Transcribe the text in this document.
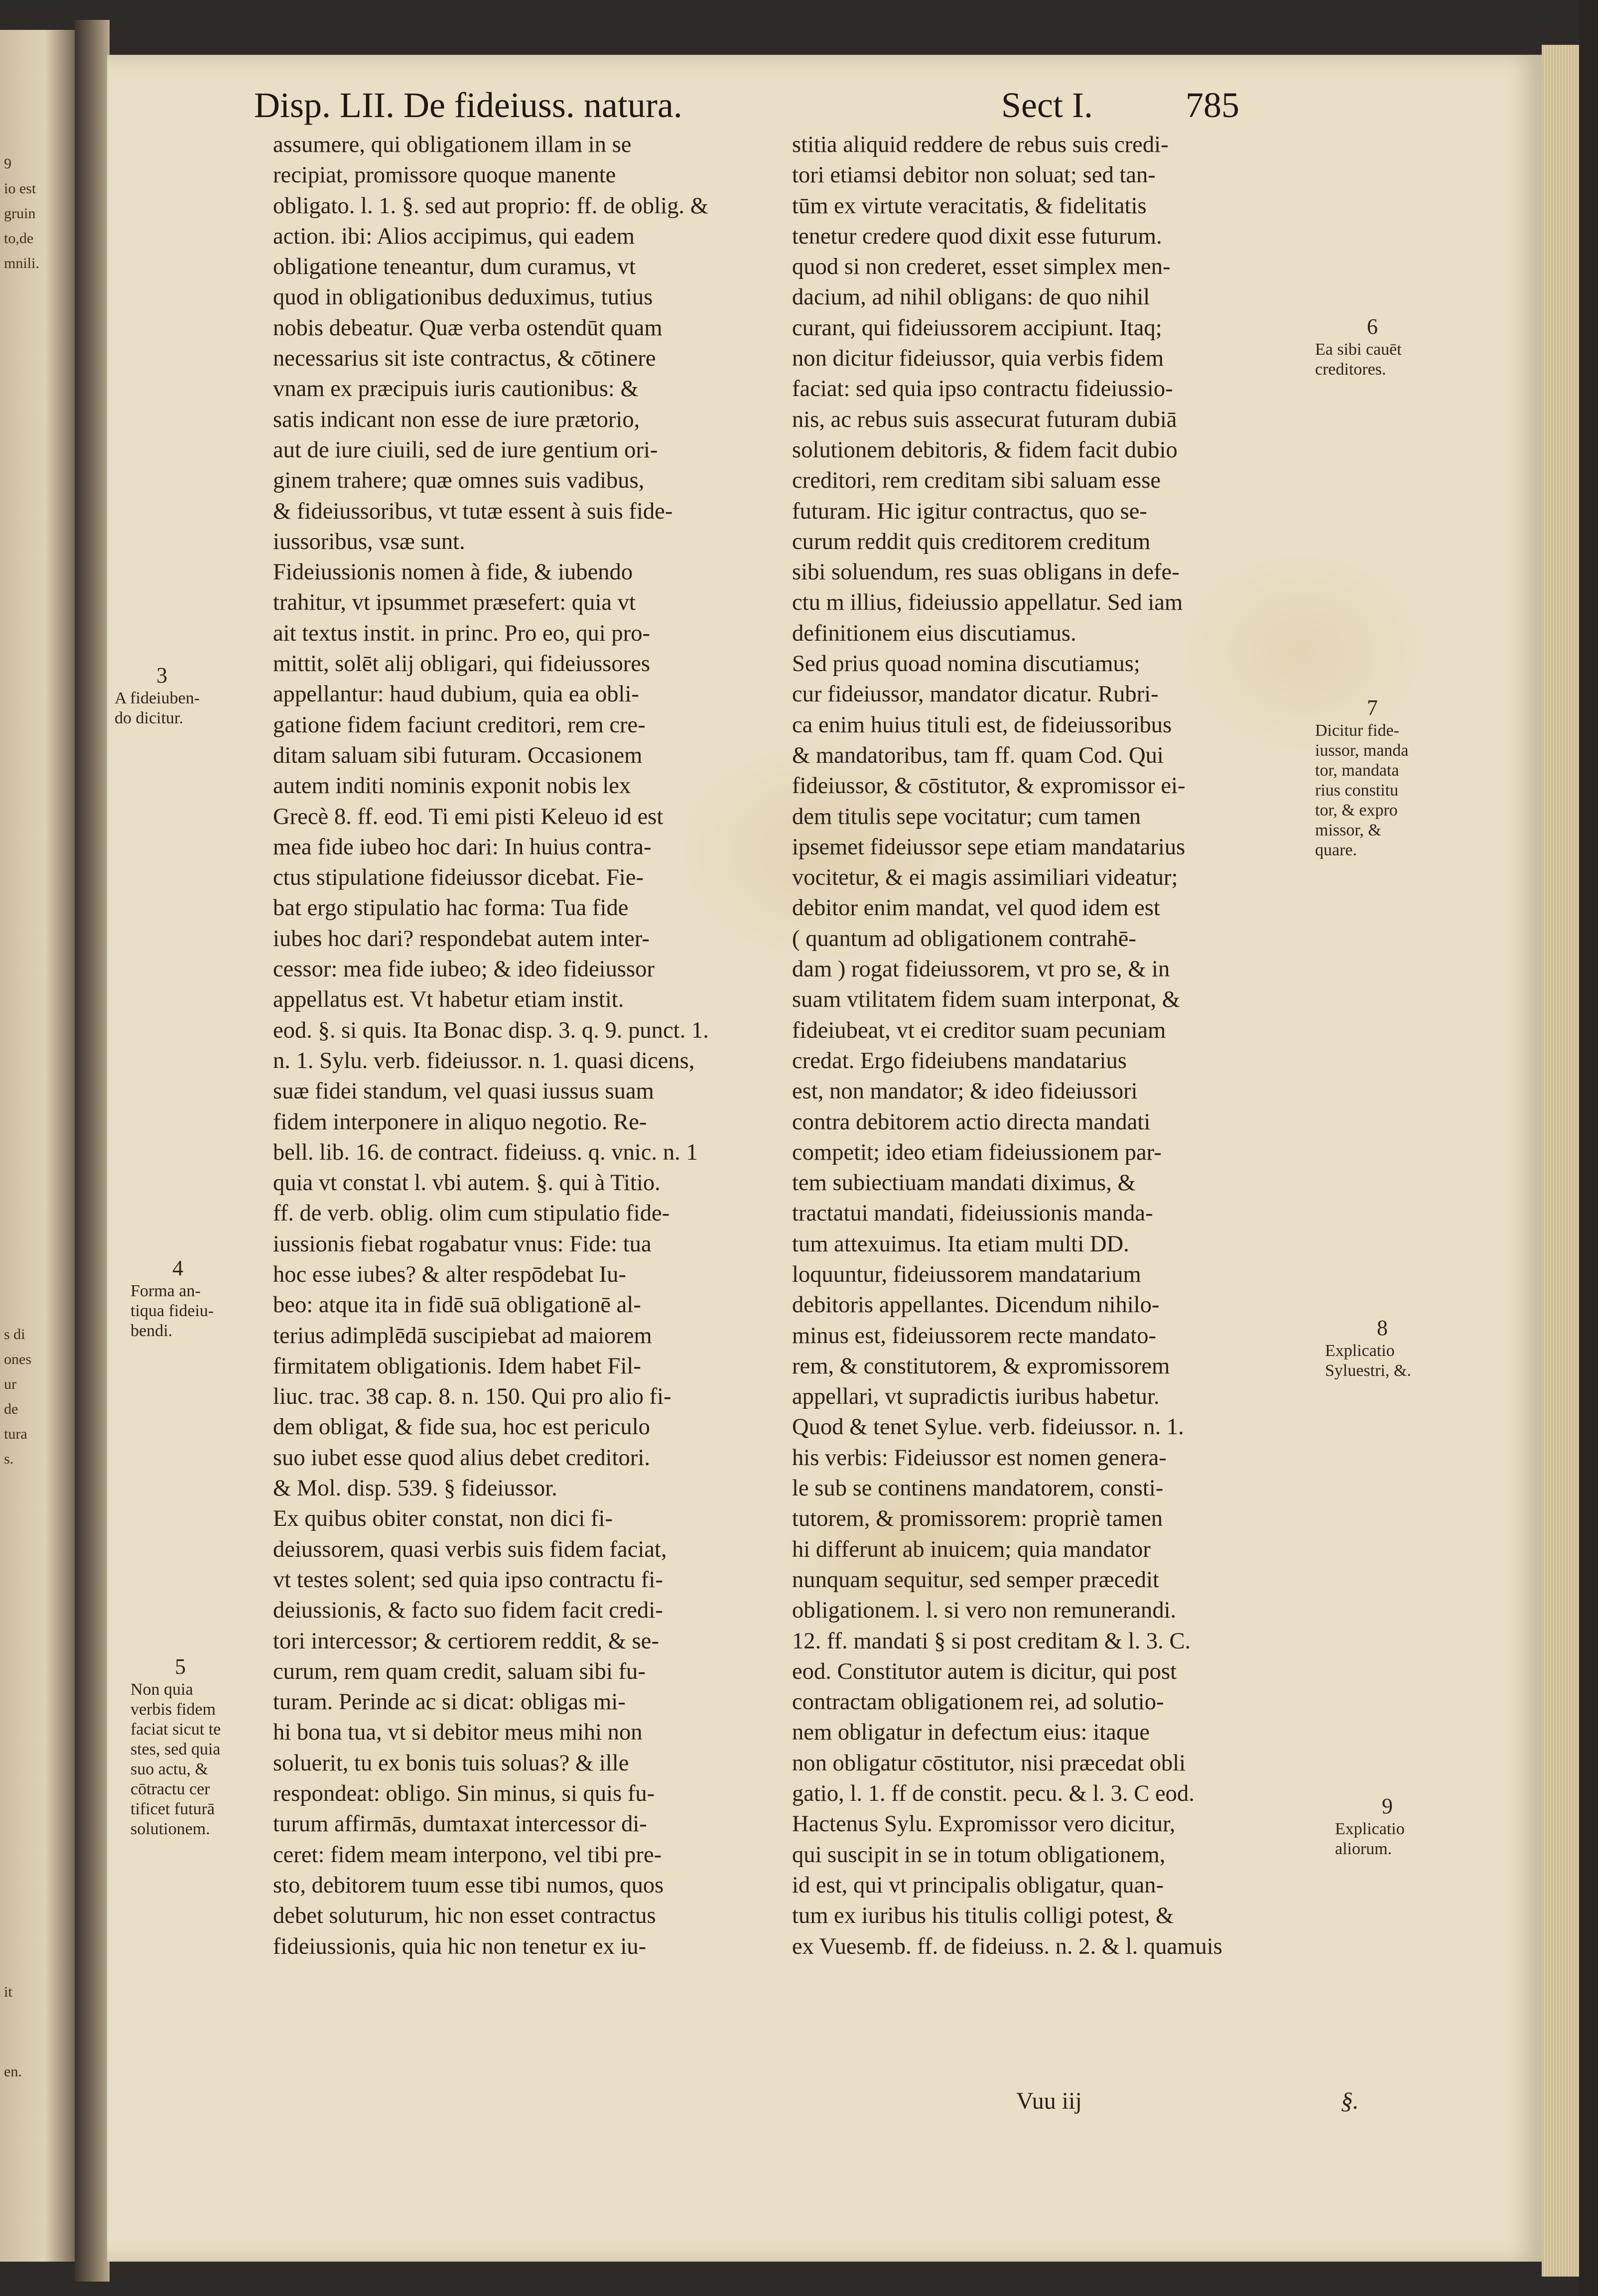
9
io est
gruin
to,de
mnili.
s di
ones
ur
de
tura
s.
it
en.
Disp. LII. De fideiuss. natura.	Sect I.	785
assumere, qui obligationem illam in se
recipiat, promissore quoque manente
obligato. l. 1. §. sed aut proprio: ff. de oblig. &
action. ibi: Alios accipimus, qui eadem
obligatione teneantur, dum curamus, vt
quod in obligationibus deduximus, tutius
nobis debeatur. Quæ verba ostendūt quam
necessarius sit iste contractus, & cōtinere
vnam ex præcipuis iuris cautionibus: &
satis indicant non esse de iure prætorio,
aut de iure ciuili, sed de iure gentium ori-
ginem trahere; quæ omnes suis vadibus,
& fideiussoribus, vt tutæ essent à suis fide-
iussoribus, vsæ sunt.
Fideiussionis nomen à fide, & iubendo
trahitur, vt ipsummet præsefert: quia vt
ait textus instit. in princ. Pro eo, qui pro-
mittit, solēt alij obligari, qui fideiussores
appellantur: haud dubium, quia ea obli-
gatione fidem faciunt creditori, rem cre-
ditam saluam sibi futuram. Occasionem
autem inditi nominis exponit nobis lex
Grecè 8. ff. eod. Ti emi pisti Keleuo id est
mea fide iubeo hoc dari: In huius contra-
ctus stipulatione fideiussor dicebat. Fie-
bat ergo stipulatio hac forma: Tua fide
iubes hoc dari? respondebat autem inter-
cessor: mea fide iubeo; & ideo fideiussor
appellatus est. Vt habetur etiam instit.
eod. §. si quis. Ita Bonac disp. 3. q. 9. punct. 1.
n. 1. Sylu. verb. fideiussor. n. 1. quasi dicens,
suæ fidei standum, vel quasi iussus suam
fidem interponere in aliquo negotio. Re-
bell. lib. 16. de contract. fideiuss. q. vnic. n. 1
quia vt constat l. vbi autem. §. qui à Titio.
ff. de verb. oblig. olim cum stipulatio fide-
iussionis fiebat rogabatur vnus: Fide: tua
hoc esse iubes? & alter respōdebat Iu-
beo: atque ita in fidē suā obligationē al-
terius adimplēdā suscipiebat ad maiorem
firmitatem obligationis. Idem habet Fil-
liuc. trac. 38 cap. 8. n. 150. Qui pro alio fi-
dem obligat, & fide sua, hoc est periculo
suo iubet esse quod alius debet creditori.
& Mol. disp. 539. § fideiussor.
Ex quibus obiter constat, non dici fi-
deiussorem, quasi verbis suis fidem faciat,
vt testes solent; sed quia ipso contractu fi-
deiussionis, & facto suo fidem facit credi-
tori intercessor; & certiorem reddit, & se-
curum, rem quam credit, saluam sibi fu-
turam. Perinde ac si dicat: obligas mi-
hi bona tua, vt si debitor meus mihi non
soluerit, tu ex bonis tuis soluas? & ille
respondeat: obligo. Sin minus, si quis fu-
turum affirmās, dumtaxat intercessor di-
ceret: fidem meam interpono, vel tibi pre-
sto, debitorem tuum esse tibi numos, quos
debet soluturum, hic non esset contractus
fideiussionis, quia hic non tenetur ex iu-
stitia aliquid reddere de rebus suis credi-
tori etiamsi debitor non soluat; sed tan-
tūm ex virtute veracitatis, & fidelitatis
tenetur credere quod dixit esse futurum.
quod si non crederet, esset simplex men-
dacium, ad nihil obligans: de quo nihil
curant, qui fideiussorem accipiunt. Itaq;
non dicitur fideiussor, quia verbis fidem
faciat: sed quia ipso contractu fideiussio-
nis, ac rebus suis assecurat futuram dubiā
solutionem debitoris, & fidem facit dubio
creditori, rem creditam sibi saluam esse
futuram. Hic igitur contractus, quo se-
curum reddit quis creditorem creditum
sibi soluendum, res suas obligans in defe-
ctu m illius, fideiussio appellatur. Sed iam
definitionem eius discutiamus.
Sed prius quoad nomina discutiamus;
cur fideiussor, mandator dicatur. Rubri-
ca enim huius tituli est, de fideiussoribus
& mandatoribus, tam ff. quam Cod. Qui
fideiussor, & cōstitutor, & expromissor ei-
dem titulis sepe vocitatur; cum tamen
ipsemet fideiussor sepe etiam mandatarius
vocitetur, & ei magis assimiliari videatur;
debitor enim mandat, vel quod idem est
( quantum ad obligationem contrahē-
dam ) rogat fideiussorem, vt pro se, & in
suam vtilitatem fidem suam interponat, &
fideiubeat, vt ei creditor suam pecuniam
credat. Ergo fideiubens mandatarius
est, non mandator; & ideo fideiussori
contra debitorem actio directa mandati
competit; ideo etiam fideiussionem par-
tem subiectiuam mandati diximus, &
tractatui mandati, fideiussionis manda-
tum attexuimus. Ita etiam multi DD.
loquuntur, fideiussorem mandatarium
debitoris appellantes. Dicendum nihilo-
minus est, fideiussorem recte mandato-
rem, & constitutorem, & expromissorem
appellari, vt supradictis iuribus habetur.
Quod & tenet Sylue. verb. fideiussor. n. 1.
his verbis: Fideiussor est nomen genera-
le sub se continens mandatorem, consti-
tutorem, & promissorem: propriè tamen
hi differunt ab inuicem; quia mandator
nunquam sequitur, sed semper præcedit
obligationem. l. si vero non remunerandi.
12. ff. mandati § si post creditam & l. 3. C.
eod. Constitutor autem is dicitur, qui post
contractam obligationem rei, ad solutio-
nem obligatur in defectum eius: itaque
non obligatur cōstitutor, nisi præcedat obli
gatio, l. 1. ff de constit. pecu. & l. 3. C eod.
Hactenus Sylu. Expromissor vero dicitur,
qui suscipit in se in totum obligationem,
id est, qui vt principalis obligatur, quan-
tum ex iuribus his titulis colligi potest, &
ex Vuesemb. ff. de fideiuss. n. 2. & l. quamuis
3
A fideiuben-
do dicitur.
4
Forma an-
tiqua fideiu-
bendi.
5
Non quia
verbis fidem
faciat sicut te
stes, sed quia
suo actu, &
cōtractu cer
tificet futurā
solutionem.
6
Ea sibi cauēt
creditores.
7
Dicitur fide-
iussor, manda
tor, mandata
rius constitu
tor, & expro
missor, &
quare.
8
Explicatio
Syluestri, &.
9
Explicatio
aliorum.
Vuu iij	§.
